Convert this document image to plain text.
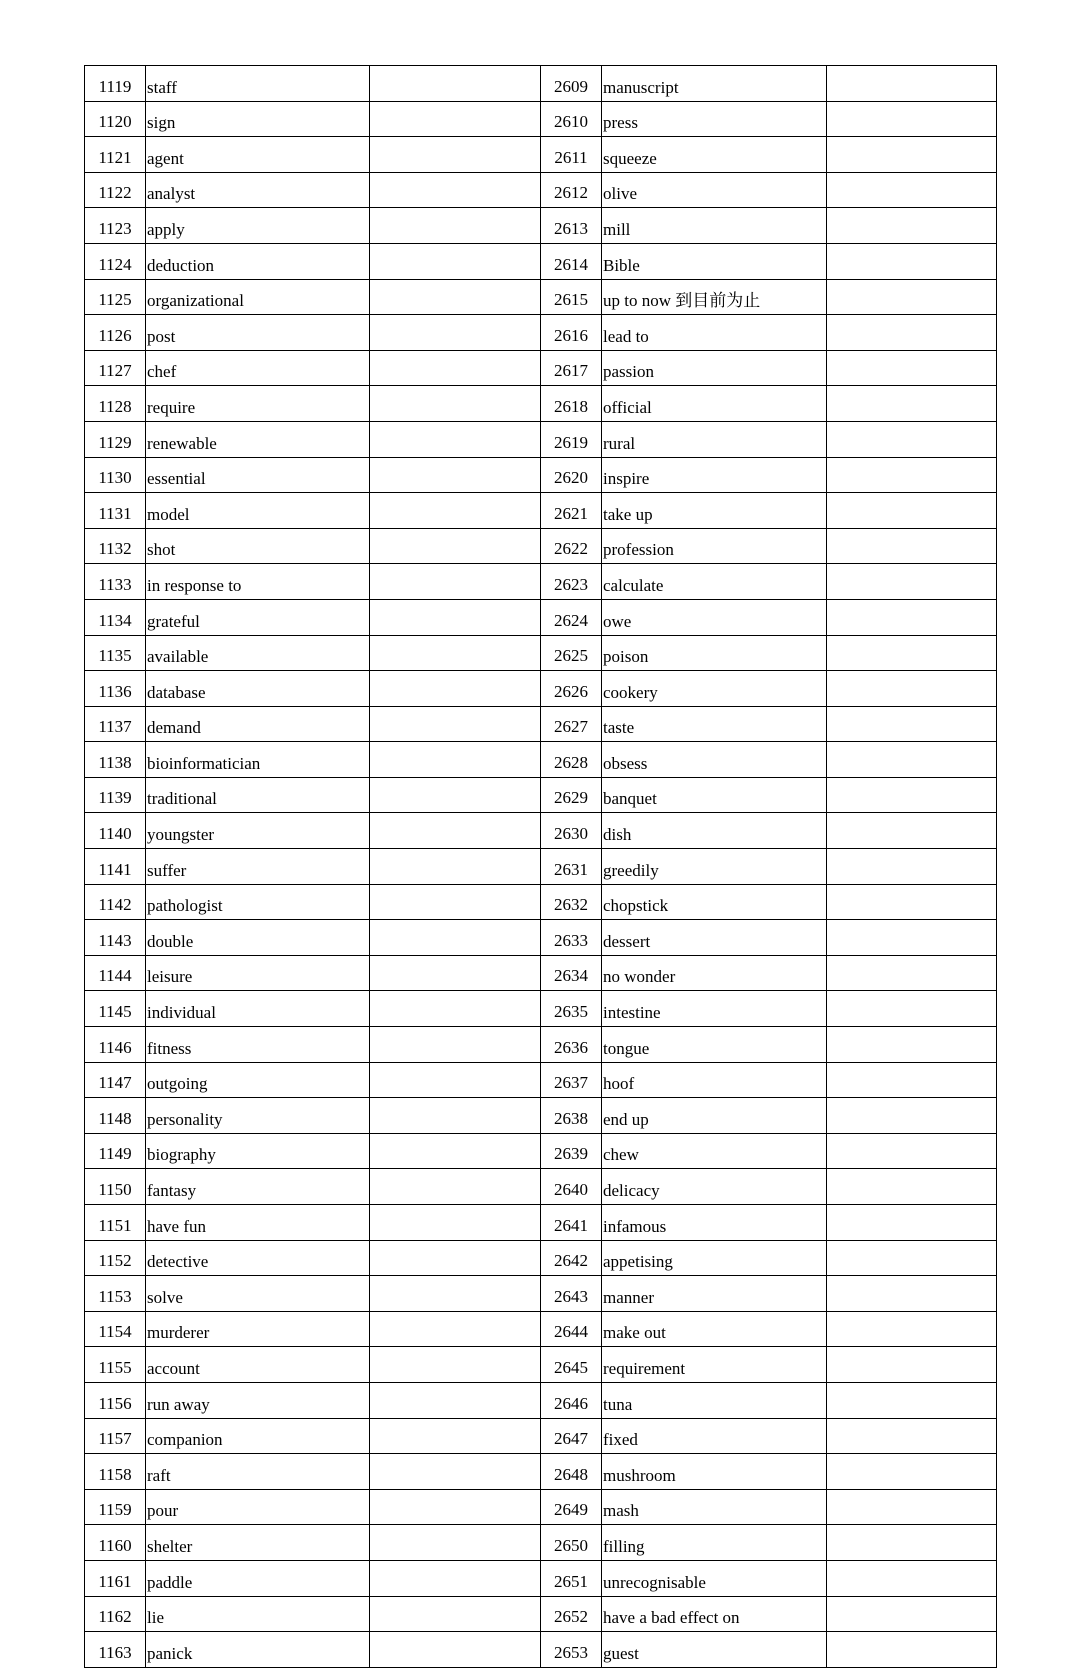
1119	staff		2609	manuscript	
1120	sign		2610	press	
1121	agent		2611	squeeze	
1122	analyst		2612	olive	
1123	apply		2613	mill	
1124	deduction		2614	Bible	
1125	organizational		2615	up to now 到目前为止	
1126	post		2616	lead to	
1127	chef		2617	passion	
1128	require		2618	official	
1129	renewable		2619	rural	
1130	essential		2620	inspire	
1131	model		2621	take up	
1132	shot		2622	profession	
1133	in response to		2623	calculate	
1134	grateful		2624	owe	
1135	available		2625	poison	
1136	database		2626	cookery	
1137	demand		2627	taste	
1138	bioinformatician		2628	obsess	
1139	traditional		2629	banquet	
1140	youngster		2630	dish	
1141	suffer		2631	greedily	
1142	pathologist		2632	chopstick	
1143	double		2633	dessert	
1144	leisure		2634	no wonder	
1145	individual		2635	intestine	
1146	fitness		2636	tongue	
1147	outgoing		2637	hoof	
1148	personality		2638	end up	
1149	biography		2639	chew	
1150	fantasy		2640	delicacy	
1151	have fun		2641	infamous	
1152	detective		2642	appetising	
1153	solve		2643	manner	
1154	murderer		2644	make out	
1155	account		2645	requirement	
1156	run away		2646	tuna	
1157	companion		2647	fixed	
1158	raft		2648	mushroom	
1159	pour		2649	mash	
1160	shelter		2650	filling	
1161	paddle		2651	unrecognisable	
1162	lie		2652	have a bad effect on	
1163	panick		2653	guest	
